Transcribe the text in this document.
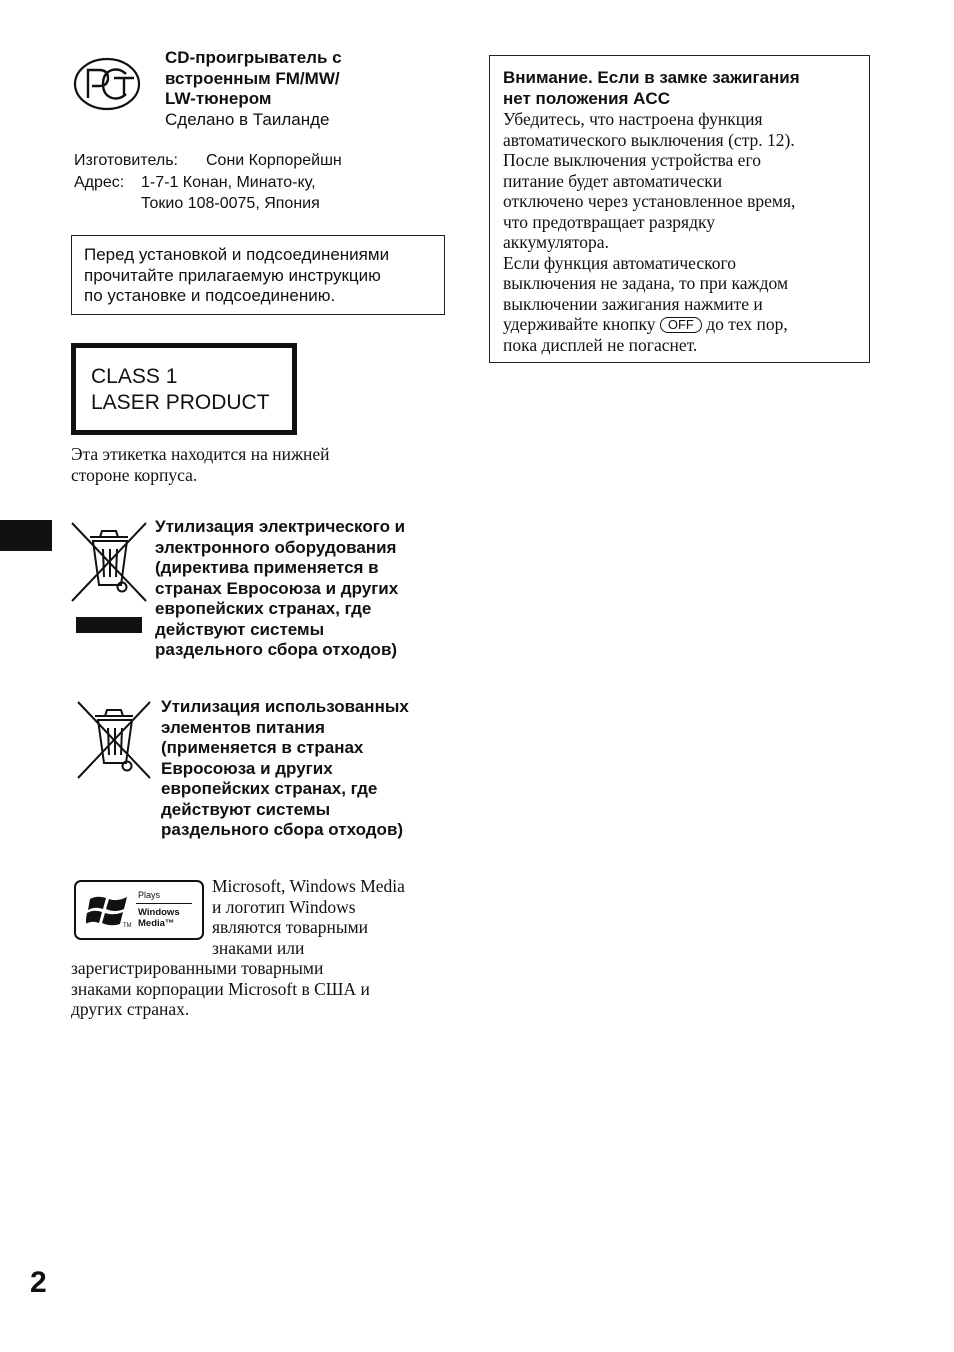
CD-проигрыватель с
встроенным FM/MW/
LW-тюнером
Сделано в Таиланде
Изготовитель:	Сони Корпорейшн
Адрес:	1-7-1 Конан, Минато-ку,
Токио 108-0075, Япония
Перед установкой и подсоединениями
прочитайте прилагаемую инструкцию
по установке и подсоединению.
CLASS 1
LASER PRODUCT
Эта этикетка находится на нижней
стороне корпуса.
Утилизация электрического и
электронного оборудования
(директива применяется в
странах Евросоюза и других
европейских странах, где
действуют системы
раздельного сбора отходов)
Утилизация использованных
элементов питания
(применяется в странах
Евросоюза и других
европейских странах, где
действуют системы
раздельного сбора отходов)
Plays
Windows
Media™
TM
Microsoft, Windows Media
и логотип Windows
являются товарными
знаками или
зарегистрированными товарными
знаками корпорации Microsoft в США и
других странах.
2
Внимание. Если в замке зажигания
нет положения ACC
Убедитесь, что настроена функция
автоматического выключения (стр. 12).
После выключения устройства его
питание будет автоматически
отключено через установленное время,
что предотвращает разрядку
аккумулятора.
Если функция автоматического
выключения не задана, то при каждом
выключении зажигания нажмите и
удерживайте кнопку OFF до тех пор,
пока дисплей не погаснет.
